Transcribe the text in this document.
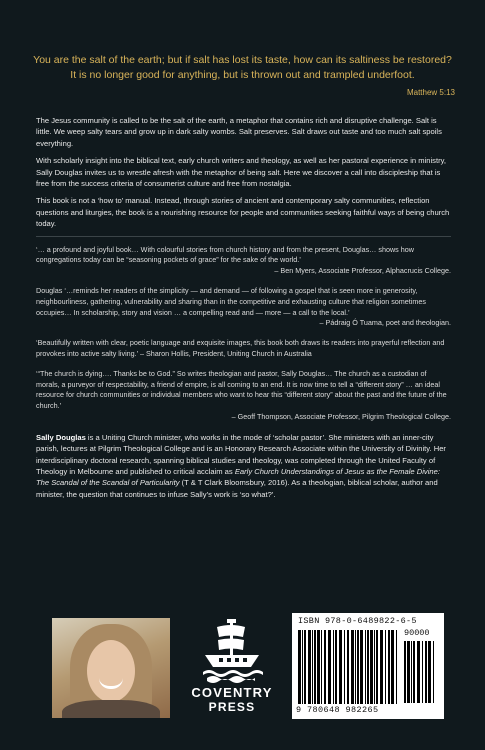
You are the salt of the earth; but if salt has lost its taste, how can its saltiness be restored?
It is no longer good for anything, but is thrown out and trampled underfoot.
Matthew 5:13

The Jesus community is called to be the salt of the earth, a metaphor that contains rich and disruptive challenge. Salt is little. We weep salty tears and grow up in dark salty wombs. Salt preserves. Salt draws out taste and too much salt spoils everything.

With scholarly insight into the biblical text, early church writers and theology, as well as her pastoral experience in ministry, Sally Douglas invites us to wrestle afresh with the metaphor of being salt. Here we discover a call into discipleship that is free from the success criteria of consumerist culture and free from nostalgia.

This book is not a ‘how to’ manual. Instead, through stories of ancient and contemporary salty communities, reflection questions and liturgies, the book is a nourishing resource for people and communities seeking faithful ways of being church today.

‘… a profound and joyful book… With colourful stories from church history and from the present, Douglas… shows how congregations today can be “seasoning pockets of grace” for the sake of the world.’
– Ben Myers, Associate Professor, Alphacrucis College.
Douglas ‘…reminds her readers of the simplicity — and demand — of following a gospel that is seen more in generosity, neighbourliness, gathering, vulnerability and sharing than in the competitive and exhausting culture that religion sometimes occupies… In scholarship, story and vision … a compelling read and — more — a call to the local.’
– Pádraig Ó Tuama, poet and theologian.
‘Beautifully written with clear, poetic language and exquisite images, this book both draws its readers into prayerful reflection and provokes into active salty living.’ – Sharon Hollis, President, Uniting Church in Australia
‘“The church is dying…. Thanks be to God.” So writes theologian and pastor, Sally Douglas… The church as a custodian of morals, a purveyor of respectability, a friend of empire, is all coming to an end. It is now time to tell a “different story” … an ideal resource for church communities or individual members who want to hear this “different story” about the past and the future of the church.’
– Geoff Thompson, Associate Professor, Pilgrim Theological College.

Sally Douglas is a Uniting Church minister, who works in the mode of ‘scholar pastor’. She ministers with an inner-city parish, lectures at Pilgrim Theological College and is an Honorary Research Associate within the University of Divinity. Her interdisciplinary doctoral research, spanning biblical studies and theology, was completed through the United Faculty of Theology in Melbourne and published to critical acclaim as Early Church Understandings of Jesus as the Female Divine: The Scandal of the Scandal of Particularity (T & T Clark Bloomsbury, 2016). As a theologian, biblical scholar, author and minister, the question that continues to infuse Sally’s work is ‘so what?’.

COVENTRY
PRESS
ISBN 978-0-6489822-6-5
90000
9 780648 982265
